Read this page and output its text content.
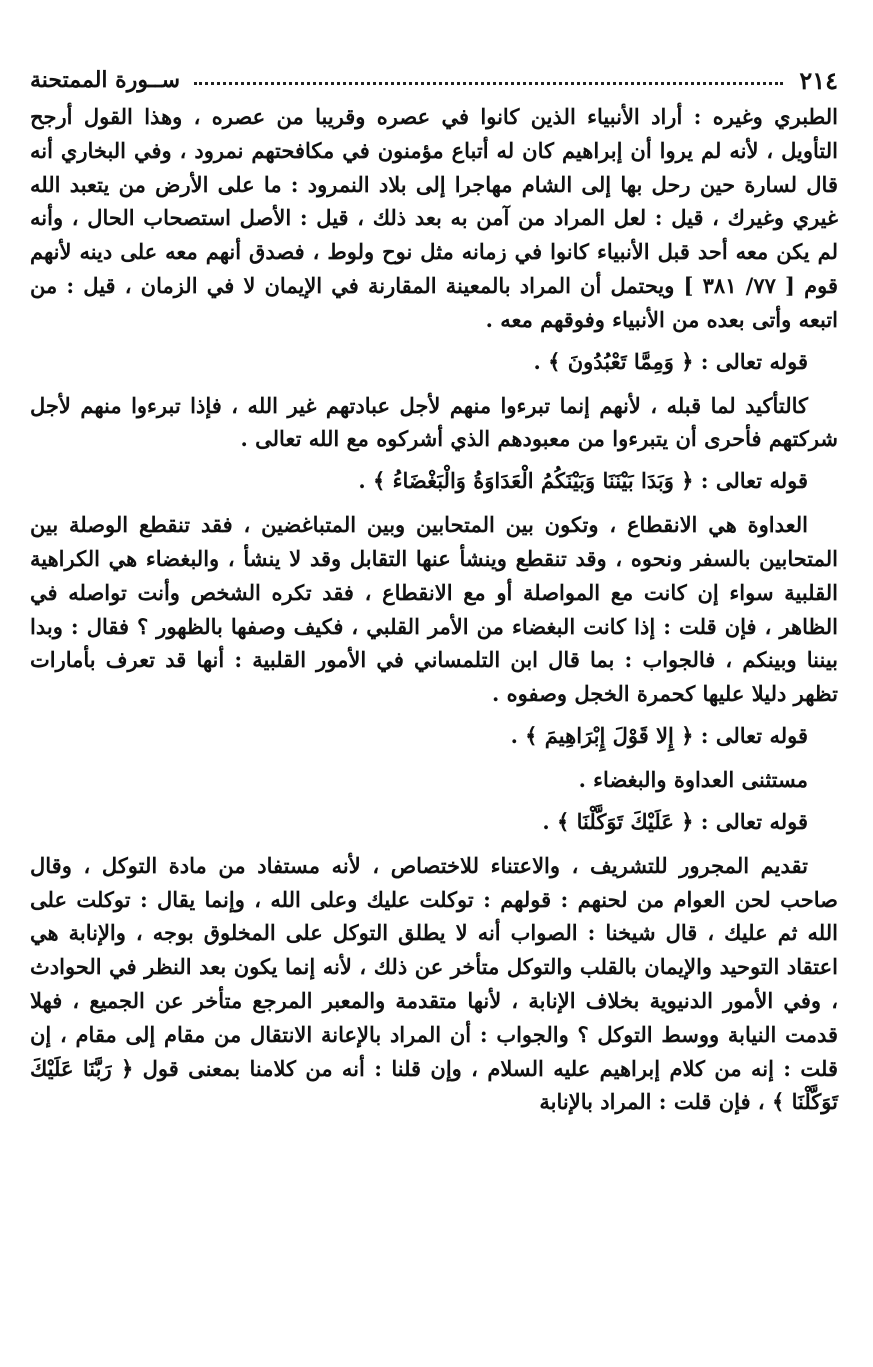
٢١٤
ســورة الممتحنة

الطبري وغيره : أراد الأنبياء الذين كانوا في عصره وقريبا من عصره ، وهذا القول أرجح التأويل ، لأنه لم يروا أن إبراهيم كان له أتباع مؤمنون في مكافحتهم نمرود ، وفي البخاري أنه قال لسارة حين رحل بها إلى الشام مهاجرا إلى بلاد النمرود : ما على الأرض من يتعبد الله غيري وغيرك ، قيل : لعل المراد من آمن به بعد ذلك ، قيل : الأصل استصحاب الحال ، وأنه لم يكن معه أحد قبل الأنبياء كانوا في زمانه مثل نوح ولوط ، فصدق أنهم معه على دينه لأنهم قوم [ ٧٧/ ٣٨١ ] ويحتمل أن المراد بالمعينة المقارنة في الإيمان لا في الزمان ، قيل : من اتبعه وأتى بعده من الأنبياء وفوقهم معه .

قوله تعالى : ﴿ وَمِمَّا تَعْبُدُونَ ﴾ .

كالتأكيد لما قبله ، لأنهم إنما تبرءوا منهم لأجل عبادتهم غير الله ، فإذا تبرءوا منهم لأجل شركتهم فأحرى أن يتبرءوا من معبودهم الذي أشركوه مع الله تعالى .

قوله تعالى : ﴿ وَبَدَا بَيْنَنَا وَبَيْنَكُمُ الْعَدَاوَةُ وَالْبَغْضَاءُ ﴾ .

العداوة هي الانقطاع ، وتكون بين المتحابين وبين المتباغضين ، فقد تنقطع الوصلة بين المتحابين بالسفر ونحوه ، وقد تنقطع وينشأ عنها التقابل وقد لا ينشأ ، والبغضاء هي الكراهية القلبية سواء إن كانت مع المواصلة أو مع الانقطاع ، فقد تكره الشخص وأنت تواصله في الظاهر ، فإن قلت : إذا كانت البغضاء من الأمر القلبي ، فكيف وصفها بالظهور ؟ فقال : وبدا بيننا وبينكم ، فالجواب : بما قال ابن التلمساني في الأمور القلبية : أنها قد تعرف بأمارات تظهر دليلا عليها كحمرة الخجل وصفوه .

قوله تعالى : ﴿ إِلا قَوْلَ إِبْرَاهِيمَ ﴾ .

مستثنى العداوة والبغضاء .

قوله تعالى : ﴿ عَلَيْكَ تَوَكَّلْنَا ﴾ .

تقديم المجرور للتشريف ، والاعتناء للاختصاص ، لأنه مستفاد من مادة التوكل ، وقال صاحب لحن العوام من لحنهم : قولهم : توكلت عليك وعلى الله ، وإنما يقال : توكلت على الله ثم عليك ، قال شيخنا : الصواب أنه لا يطلق التوكل على المخلوق بوجه ، والإنابة هي اعتقاد التوحيد والإيمان بالقلب والتوكل متأخر عن ذلك ، لأنه إنما يكون بعد النظر في الحوادث ، وفي الأمور الدنيوية بخلاف الإنابة ، لأنها متقدمة والمعبر المرجع متأخر عن الجميع ، فهلا قدمت النيابة ووسط التوكل ؟ والجواب : أن المراد بالإعانة الانتقال من مقام إلى مقام ، إن قلت : إنه من كلام إبراهيم عليه السلام ، وإن قلنا : أنه من كلامنا بمعنى قول ﴿ رَبَّنَا عَلَيْكَ تَوَكَّلْنَا ﴾ ، فإن قلت : المراد بالإنابة
